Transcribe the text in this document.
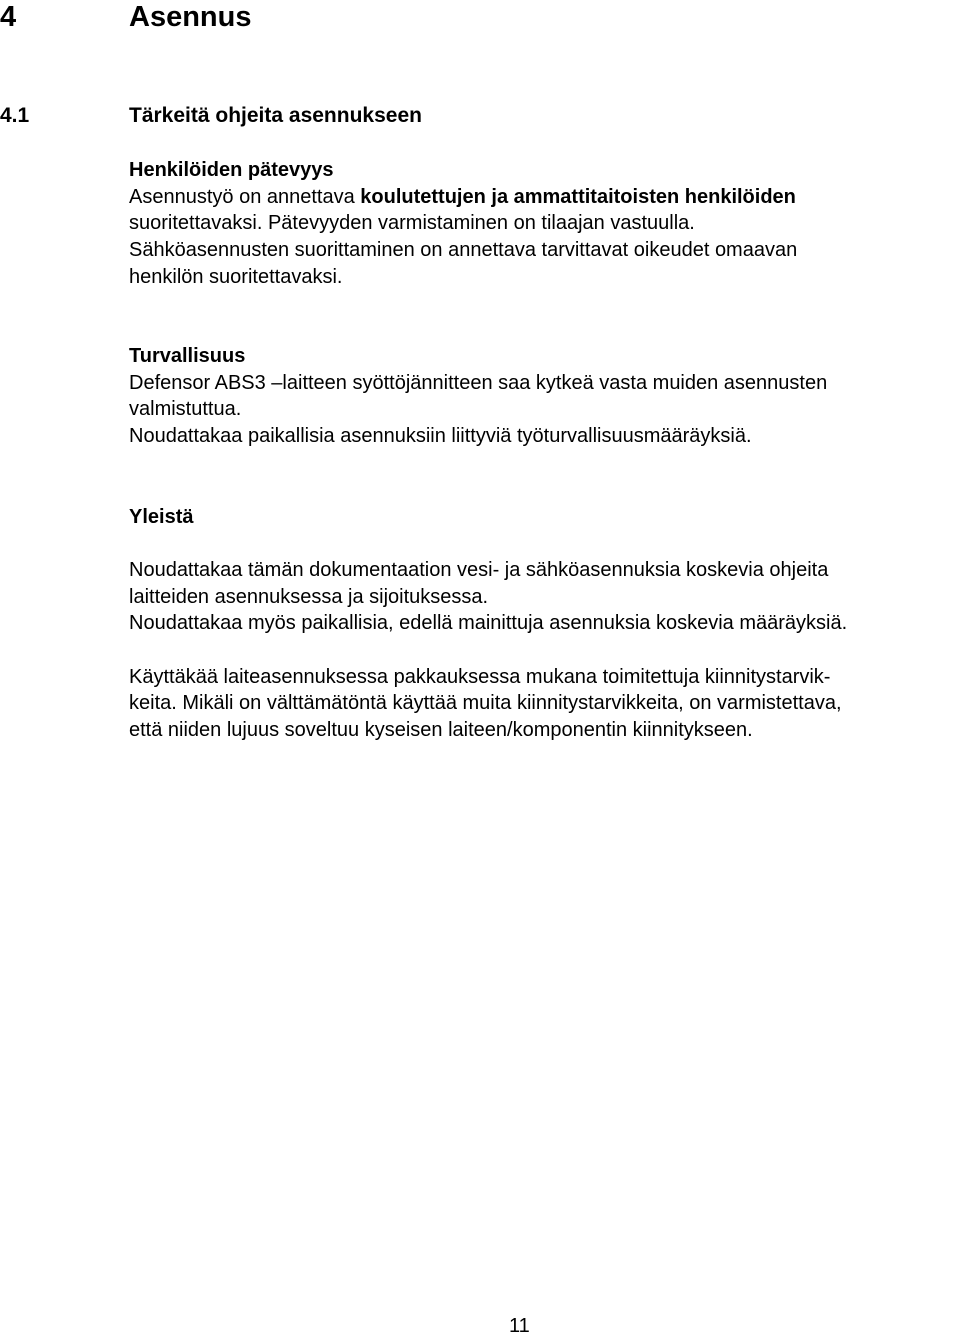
4	Asennus
4.1	Tärkeitä ohjeita asennukseen
Henkilöiden pätevyys
Asennustyö on annettava koulutettujen ja ammattitaitoisten henkilöiden
suoritettavaksi. Pätevyyden varmistaminen on tilaajan vastuulla.
Sähköasennusten suorittaminen on annettava tarvittavat oikeudet omaavan
henkilön suoritettavaksi.
Turvallisuus
Defensor ABS3 –laitteen syöttöjännitteen saa kytkeä vasta muiden asennusten
valmistuttua.
Noudattakaa paikallisia asennuksiin liittyviä työturvallisuusmääräyksiä.
Yleistä
Noudattakaa tämän dokumentaation vesi- ja sähköasennuksia koskevia ohjeita
laitteiden asennuksessa ja sijoituksessa.
Noudattakaa myös paikallisia, edellä mainittuja asennuksia koskevia määräyksiä.
Käyttäkää laiteasennuksessa pakkauksessa mukana toimitettuja kiinnitystarvik-
keita. Mikäli on välttämätöntä käyttää muita kiinnitystarvikkeita, on varmistettava,
että niiden lujuus soveltuu kyseisen laiteen/komponentin kiinnitykseen.
11
